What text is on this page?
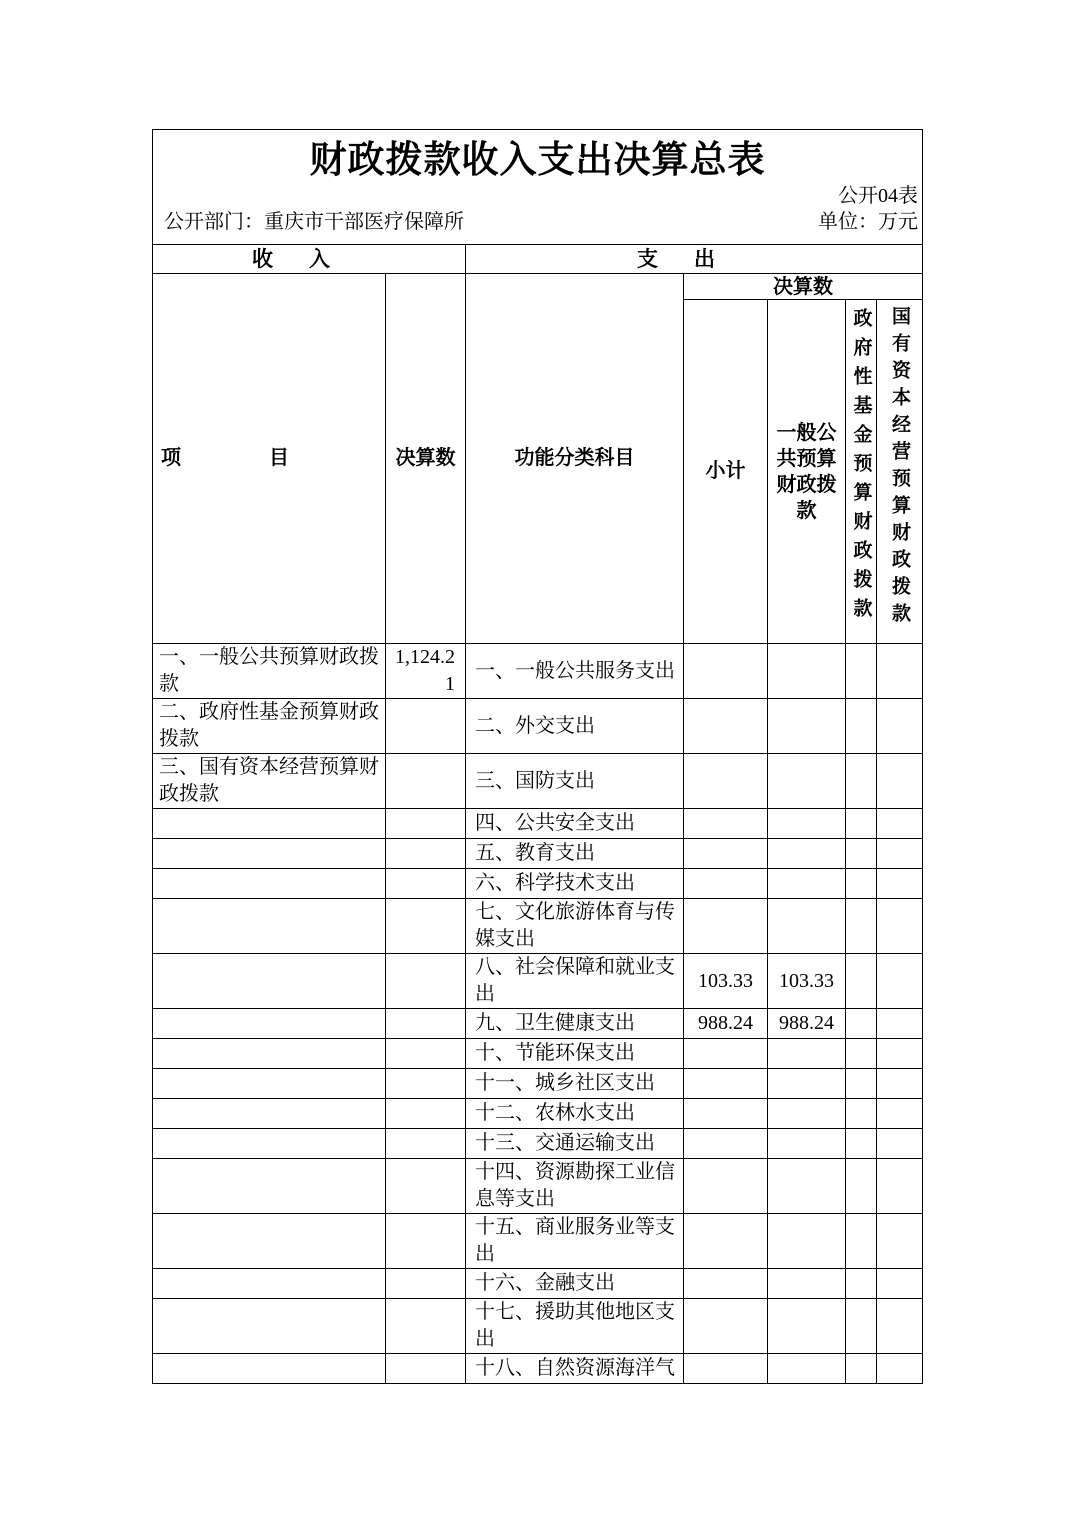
财政拨款收入支出决算总表
公开04表
公开部门：重庆市干部医疗保障所 单位：万元						

收入		支出				
项目	决算数	功能分类科目	决算数			
			小计	一般公共预算财政拨款	政府性基金预算财政拨款	国有资本经营预算财政拨款
一、一般公共预算财政拨款	1,124.21	一、一般公共服务支出				
二、政府性基金预算财政拨款		二、外交支出				
三、国有资本经营预算财政拨款		三、国防支出				
		四、公共安全支出				
		五、教育支出				
		六、科学技术支出				
		七、文化旅游体育与传媒支出				
		八、社会保障和就业支出	103.33	103.33		
		九、卫生健康支出	988.24	988.24		
		十、节能环保支出				
		十一、城乡社区支出				
		十二、农林水支出				
		十三、交通运输支出				
		十四、资源勘探工业信息等支出				
		十五、商业服务业等支出				
		十六、金融支出				
		十七、援助其他地区支出				
		十八、自然资源海洋气				
